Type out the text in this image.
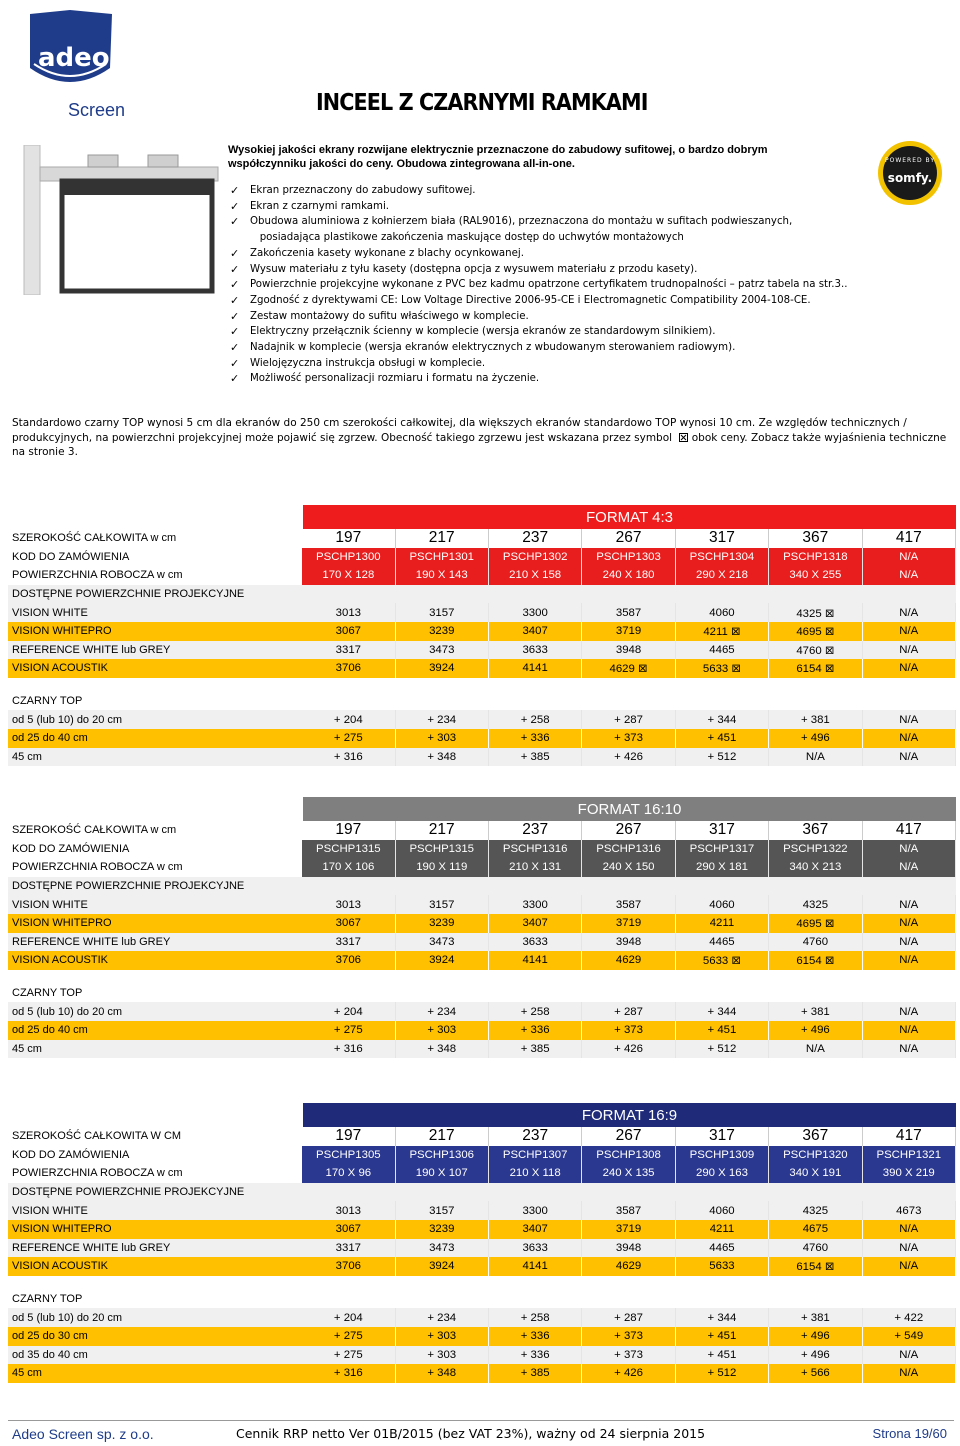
adeo
Screen	INCEEL Z CZARNYMI RAMKAMI
POWERED BY
somfy.
Wysokiej jakości ekrany rozwijane elektrycznie przeznaczone do zabudowy sufitowej, o bardzo dobrym współczynniku jakości do ceny. Obudowa zintegrowana all-in-one.
✓ Ekran przeznaczony do zabudowy sufitowej.
✓ Ekran z czarnymi ramkami.
✓ Obudowa aluminiowa z kołnierzem biała (RAL9016), przeznaczona do montażu w sufitach podwieszanych,
posiadająca plastikowe zakończenia maskujące dostęp do uchwytów montażowych
✓ Zakończenia kasety wykonane z blachy ocynkowanej.
✓ Wysuw materiału z tyłu kasety (dostępna opcja z wysuwem materiału z przodu kasety).
✓ Powierzchnie projekcyjne wykonane z PVC bez kadmu opatrzone certyfikatem trudnopalności – patrz tabela na str.3..
✓ Zgodność z dyrektywami CE: Low Voltage Directive 2006-95-CE i Electromagnetic Compatibility 2004-108-CE.
✓ Zestaw montażowy do sufitu właściwego w komplecie.
✓ Elektryczny przełącznik ścienny w komplecie (wersja ekranów ze standardowym silnikiem).
✓ Nadajnik w komplecie (wersja ekranów elektrycznych z wbudowanym sterowaniem radiowym).
✓ Wielojęzyczna instrukcja obsługi w komplecie.
✓ Możliwość personalizacji rozmiaru i formatu na życzenie.
Standardowo czarny TOP wynosi 5 cm dla ekranów do 250 cm szerokości całkowitej, dla większych ekranów standardowo TOP wynosi 10 cm. Ze względów technicznych / produkcyjnych, na powierzchni projekcyjnej może pojawić się zgrzew. Obecność takiego zgrzewu jest wskazana przez symbol obok ceny. Zobacz także wyjaśnienia techniczne na stronie 3.
FORMAT 4:3
SZEROKOŚĆ CAŁKOWITA w cm	197	217	237	267	317	367	417
KOD DO ZAMÓWIENIA	PSCHP1300	PSCHP1301	PSCHP1302	PSCHP1303	PSCHP1304	PSCHP1318	N/A
POWIERZCHNIA ROBOCZA w cm	170 X 128	190 X 143	210 X 158	240 X 180	290 X 218	340 X 255	N/A
DOSTĘPNE POWIERZCHNIE PROJEKCYJNE
VISION WHITE	3013	3157	3300	3587	4060	4325 ⊠	N/A
VISION WHITEPRO	3067	3239	3407	3719	4211 ⊠	4695 ⊠	N/A
REFERENCE WHITE lub GREY	3317	3473	3633	3948	4465	4760 ⊠	N/A
VISION ACOUSTIK	3706	3924	4141	4629 ⊠	5633 ⊠	6154 ⊠	N/A
CZARNY TOP
od 5 (lub 10) do 20 cm	+ 204	+ 234	+ 258	+ 287	+ 344	+ 381	N/A
od 25 do 40 cm	+ 275	+ 303	+ 336	+ 373	+ 451	+ 496	N/A
45 cm	+ 316	+ 348	+ 385	+ 426	+ 512	N/A	N/A
FORMAT 16:10
SZEROKOŚĆ CAŁKOWITA w cm	197	217	237	267	317	367	417
KOD DO ZAMÓWIENIA	PSCHP1315	PSCHP1315	PSCHP1316	PSCHP1316	PSCHP1317	PSCHP1322	N/A
POWIERZCHNIA ROBOCZA w cm	170 X 106	190 X 119	210 X 131	240 X 150	290 X 181	340 X 213	N/A
DOSTĘPNE POWIERZCHNIE PROJEKCYJNE
VISION WHITE	3013	3157	3300	3587	4060	4325	N/A
VISION WHITEPRO	3067	3239	3407	3719	4211	4695 ⊠	N/A
REFERENCE WHITE lub GREY	3317	3473	3633	3948	4465	4760	N/A
VISION ACOUSTIK	3706	3924	4141	4629	5633 ⊠	6154 ⊠	N/A
CZARNY TOP
od 5 (lub 10) do 20 cm	+ 204	+ 234	+ 258	+ 287	+ 344	+ 381	N/A
od 25 do 40 cm	+ 275	+ 303	+ 336	+ 373	+ 451	+ 496	N/A
45 cm	+ 316	+ 348	+ 385	+ 426	+ 512	N/A	N/A
FORMAT 16:9
SZEROKOŚĆ CAŁKOWITA W CM	197	217	237	267	317	367	417
KOD DO ZAMÓWIENIA	PSCHP1305	PSCHP1306	PSCHP1307	PSCHP1308	PSCHP1309	PSCHP1320	PSCHP1321
POWIERZCHNIA ROBOCZA w cm	170 X 96	190 X 107	210 X 118	240 X 135	290 X 163	340 X 191	390 X 219
DOSTĘPNE POWIERZCHNIE PROJEKCYJNE
VISION WHITE	3013	3157	3300	3587	4060	4325	4673
VISION WHITEPRO	3067	3239	3407	3719	4211	4675	N/A
REFERENCE WHITE lub GREY	3317	3473	3633	3948	4465	4760	N/A
VISION ACOUSTIK	3706	3924	4141	4629	5633	6154 ⊠	N/A
CZARNY TOP
od 5 (lub 10) do 20 cm	+ 204	+ 234	+ 258	+ 287	+ 344	+ 381	+ 422
od 25 do 30 cm	+ 275	+ 303	+ 336	+ 373	+ 451	+ 496	+ 549
od 35 do 40 cm	+ 275	+ 303	+ 336	+ 373	+ 451	+ 496	N/A
45 cm	+ 316	+ 348	+ 385	+ 426	+ 512	+ 566	N/A
Adeo Screen sp. z o.o.	Cennik RRP netto Ver 01B/2015 (bez VAT 23%), ważny od 24 sierpnia 2015	Strona 19/60
